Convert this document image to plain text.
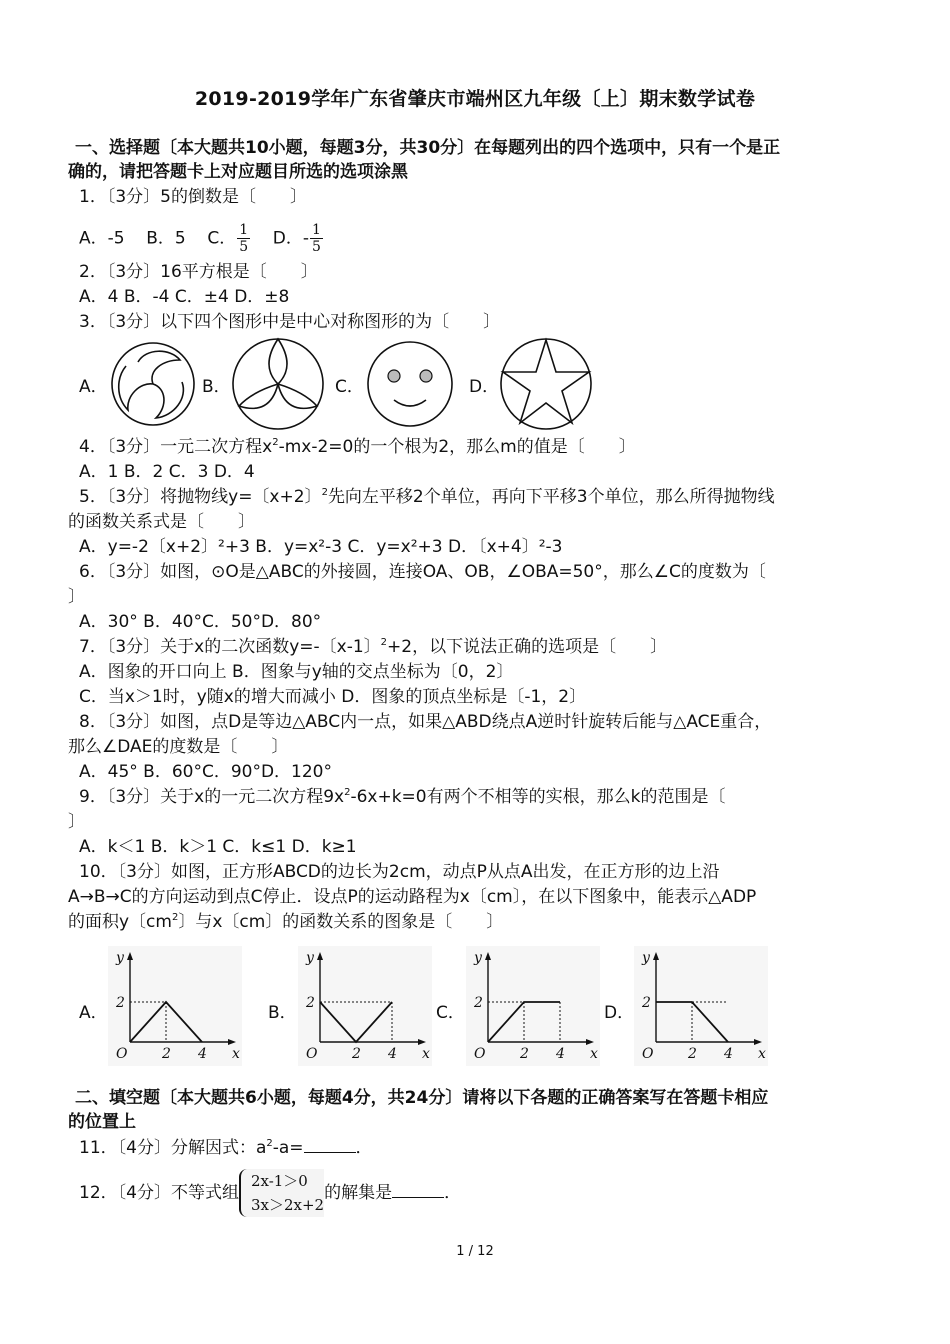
2019-2019学年广东省肇庆市端州区九年级〔上〕期末数学试卷
一、选择题〔本大题共10小题，每题3分，共30分〕在每题列出的四个选项中，只有一个是正
确的，请把答题卡上对应题目所选的选项涂黑
1．〔3分〕5的倒数是〔　　〕
A．-5 B．5 C． $\frac{1}{5}$ D．- $\frac{1}{5}$
2．〔3分〕16平方根是〔　　〕
A．4 B．-4 C．±4 D．±8
3．〔3分〕以下四个图形中是中心对称图形的为〔　　〕
A．	B．	C．	D．
4．〔3分〕一元二次方程$x^2-mx-2=0$的一个根为2，那么m的值是〔　　〕
A．1 B．2 C．3 D．4
5．〔3分〕将抛物线y=〔x+2〕$^2$先向左平移2个单位，再向下平移3个单位，那么所得抛物线
的函数关系式是〔　　〕
A．y=-2〔x+2〕²+3 B．y=x²-3 C．y=x²+3 D．〔x+4〕²-3
6．〔3分〕如图，⊙O是△ABC的外接圆，连接OA、OB，∠OBA=50°，那么∠C的度数为〔
〕
A．30° B．40°C．50°D．80°
7．〔3分〕关于x的二次函数y=-〔x-1〕$^2$+2，以下说法正确的选项是〔　　〕
A．图象的开口向上 B．图象与y轴的交点坐标为〔0，2〕
C．当x＞1时，y随x的增大而减小 D．图象的顶点坐标是〔-1，2〕
8．〔3分〕如图，点D是等边△ABC内一点，如果△ABD绕点A逆时针旋转后能与△ACE重合，
那么∠DAE的度数是〔　　〕
A．45° B．60°C．90°D．120°
9．〔3分〕关于x的一元二次方程$9x^2-6x+k=0$有两个不相等的实根，那么k的范围是〔
〕
A．k＜1 B．k＞1 C．k≤1 D．k≥1
10．〔3分〕如图，正方形ABCD的边长为2cm，动点P从点A出发，在正方形的边上沿
A→B→C的方向运动到点C停止．设点P的运动路程为x〔cm〕，在以下图象中，能表示△ADP
的面积y〔$cm^2$〕与x〔cm〕的函数关系的图象是〔　　〕
A．
y
x
O
2
2 4
B．
y
x
O
2
2 4
C．
y
x
O
2
2 4
D．
y
x
O
2
2 4
二、填空题〔本大题共6小题，每题4分，共24分〕请将以下各题的正确答案写在答题卡相应
的位置上
11．〔4分〕分解因式：$a^2-a=$	．
12．〔4分〕不等式组
2x-1＞0
3x＞2x+2
的解集是	．
1 / 12
